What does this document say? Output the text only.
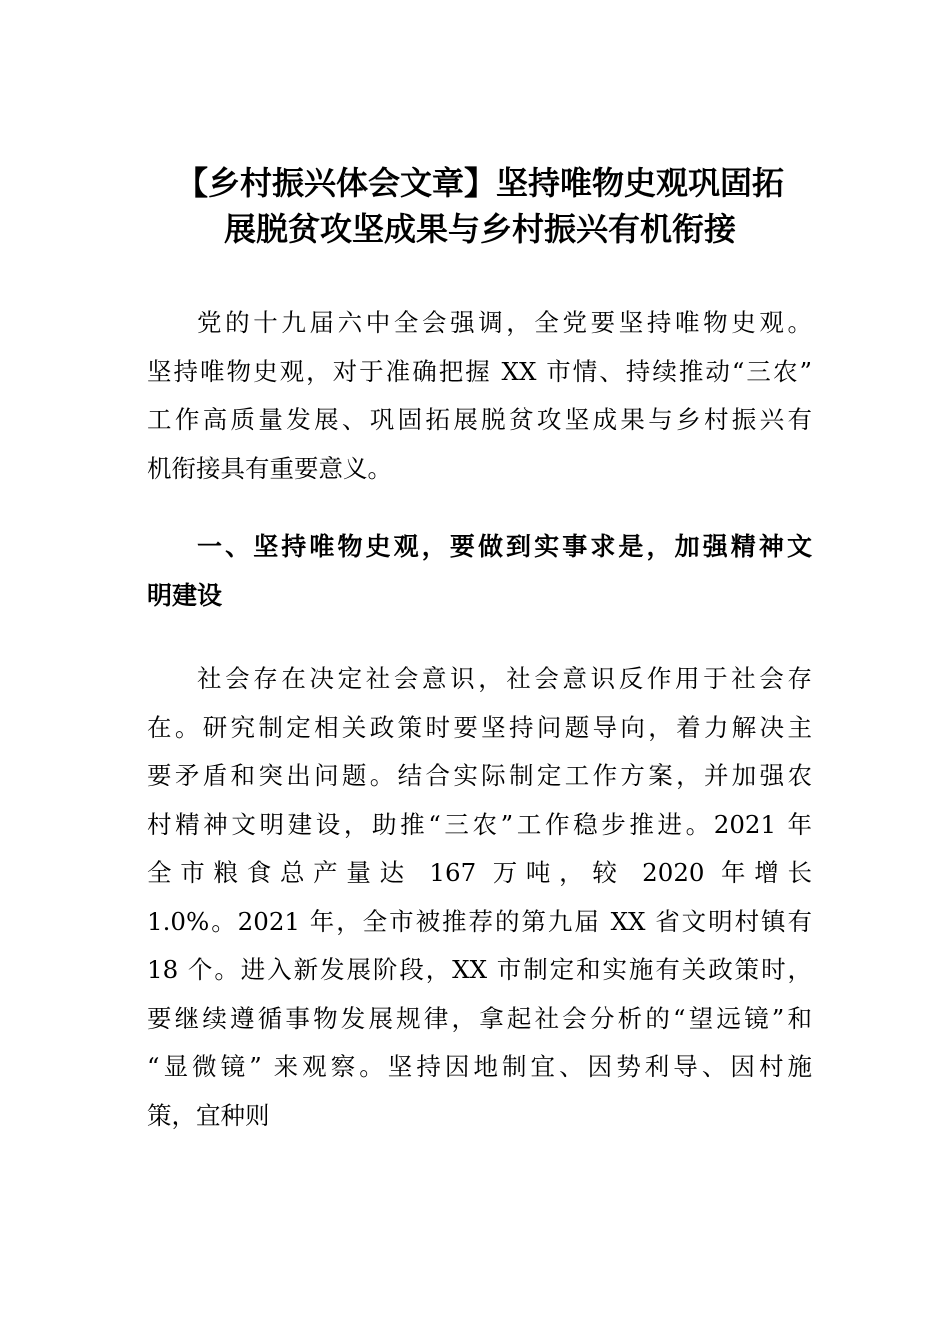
【乡村振兴体会文章】坚持唯物史观巩固拓
展脱贫攻坚成果与乡村振兴有机衔接

党的十九届六中全会强调，全党要坚持唯物史观。
坚持唯物史观，对于准确把握 XX 市情、持续推动“三农”
工作高质量发展、巩固拓展脱贫攻坚成果与乡村振兴有
机衔接具有重要意义。

一、坚持唯物史观，要做到实事求是，加强精神文
明建设

社会存在决定社会意识，社会意识反作用于社会存
在。研究制定相关政策时要坚持问题导向，着力解决主
要矛盾和突出问题。结合实际制定工作方案，并加强农
村精神文明建设，助推“三农”工作稳步推进。2021 年
全市粮食总产量达 167 万吨，较 2020 年增长
1.0%。2021 年，全市被推荐的第九届 XX 省文明村镇有
18 个。进入新发展阶段，XX 市制定和实施有关政策时，
要继续遵循事物发展规律，拿起社会分析的“望远镜”和
“显微镜” 来观察。坚持因地制宜、因势利导、因村施
策，宜种则
